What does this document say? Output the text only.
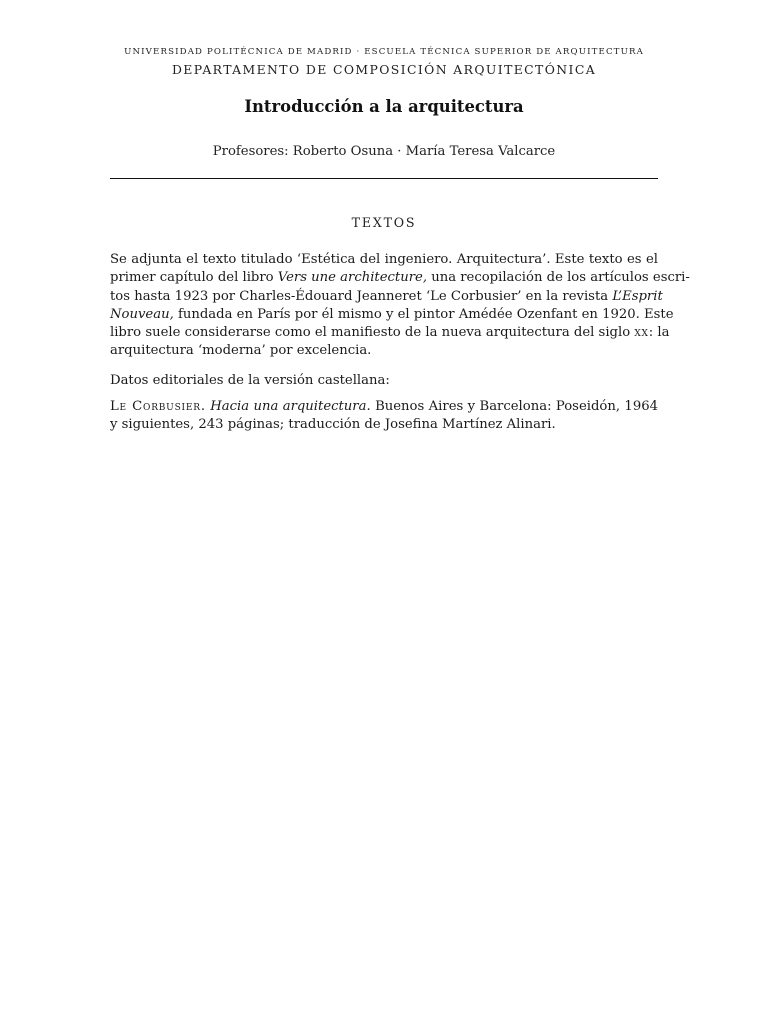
UNIVERSIDAD POLITÉCNICA DE MADRID · ESCUELA TÉCNICA SUPERIOR DE ARQUITECTURA
DEPARTAMENTO DE COMPOSICIÓN ARQUITECTÓNICA
Introducción a la arquitectura
Profesores: Roberto Osuna · María Teresa Valcarce
TEXTOS

Se adjunta el texto titulado ‘Estética del ingeniero. Arquitectura’. Este texto es el
primer capítulo del libro Vers une architecture, una recopilación de los artículos escri-
tos hasta 1923 por Charles-Édouard Jeanneret ‘Le Corbusier’ en la revista L’Esprit
Nouveau, fundada en París por él mismo y el pintor Amédée Ozenfant en 1920. Este
libro suele considerarse como el manifiesto de la nueva arquitectura del siglo xx: la
arquitectura ‘moderna’ por excelencia.

Datos editoriales de la versión castellana:

Le Corbusier. Hacia una arquitectura. Buenos Aires y Barcelona: Poseidón, 1964
y siguientes, 243 páginas; traducción de Josefina Martínez Alinari.
